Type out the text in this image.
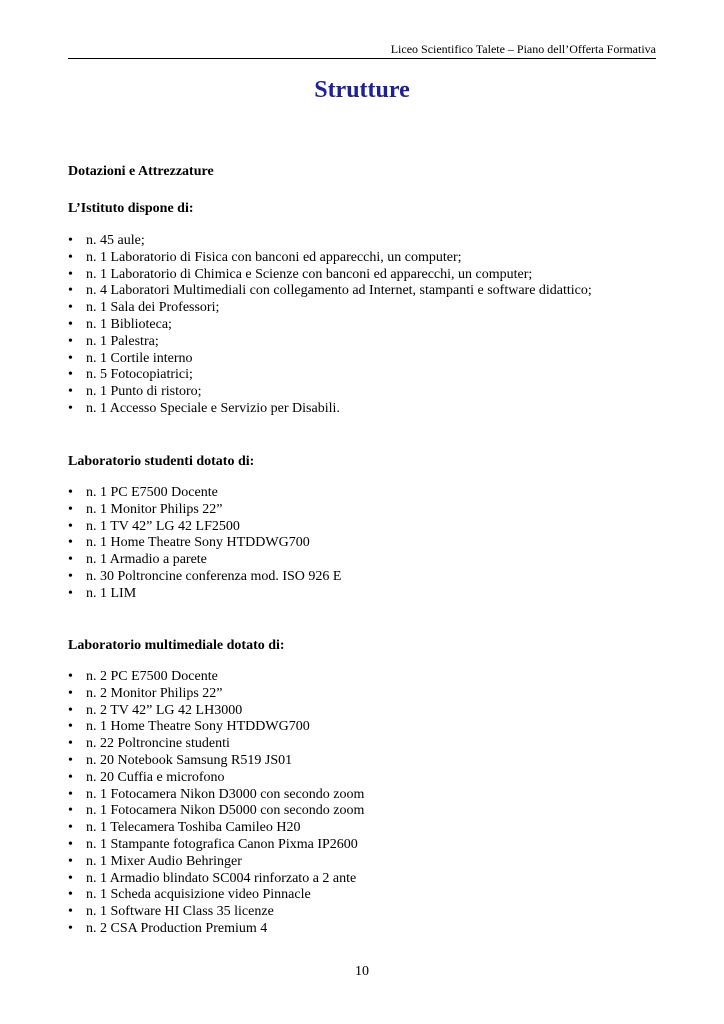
Liceo Scientifico Talete – Piano dell’Offerta Formativa
Strutture
Dotazioni e Attrezzature
L’Istituto dispone di:
• n. 45 aule;
• n. 1 Laboratorio di Fisica con banconi ed apparecchi, un computer;
• n. 1 Laboratorio di Chimica e Scienze con banconi ed apparecchi, un computer;
• n. 4 Laboratori Multimediali con collegamento ad Internet, stampanti e software didattico;
• n. 1 Sala dei Professori;
• n. 1 Biblioteca;
• n. 1 Palestra;
• n. 1 Cortile interno
• n. 5 Fotocopiatrici;
• n. 1 Punto di ristoro;
• n. 1 Accesso Speciale e Servizio per Disabili.
Laboratorio studenti dotato di:
• n. 1 PC E7500 Docente
• n. 1 Monitor Philips 22”
• n. 1 TV 42” LG 42 LF2500
• n. 1 Home Theatre Sony HTDDWG700
• n. 1 Armadio a parete
• n. 30 Poltroncine conferenza mod. ISO 926 E
• n. 1 LIM
Laboratorio multimediale dotato di:
• n. 2 PC E7500 Docente
• n. 2 Monitor Philips 22”
• n. 2 TV 42” LG 42 LH3000
• n. 1 Home Theatre Sony HTDDWG700
• n. 22 Poltroncine studenti
• n. 20 Notebook Samsung R519 JS01
• n. 20 Cuffia e microfono
• n. 1 Fotocamera Nikon D3000 con secondo zoom
• n. 1 Fotocamera Nikon D5000 con secondo zoom
• n. 1 Telecamera Toshiba Camileo H20
• n. 1 Stampante fotografica Canon Pixma IP2600
• n. 1 Mixer Audio Behringer
• n. 1 Armadio blindato SC004 rinforzato a 2 ante
• n. 1 Scheda acquisizione video Pinnacle
• n. 1 Software HI Class 35 licenze
• n. 2 CSA Production Premium 4
10
